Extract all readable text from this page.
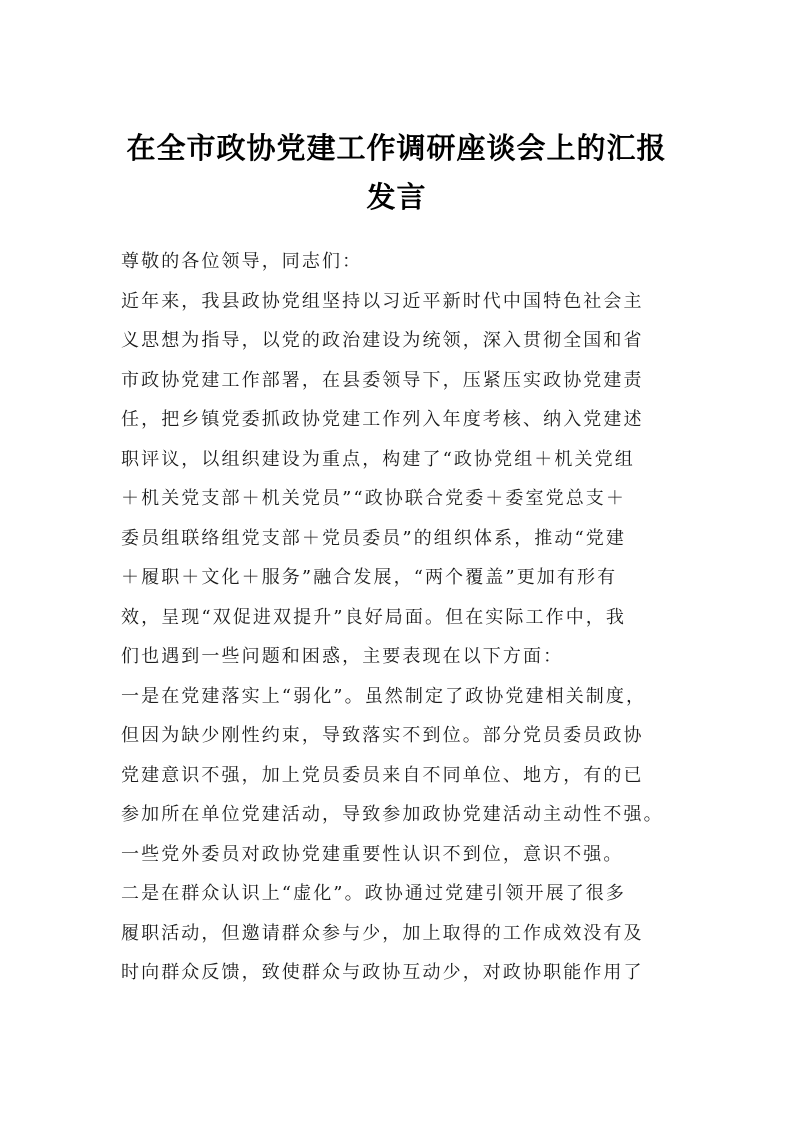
在全市政协党建工作调研座谈会上的汇报
发言
尊敬的各位领导，同志们：
近年来，我县政协党组坚持以习近平新时代中国特色社会主
义思想为指导，以党的政治建设为统领，深入贯彻全国和省
市政协党建工作部署，在县委领导下，压紧压实政协党建责
任，把乡镇党委抓政协党建工作列入年度考核、纳入党建述
职评议，以组织建设为重点，构建了“政协党组＋机关党组
＋机关党支部＋机关党员”“政协联合党委＋委室党总支＋
委员组联络组党支部＋党员委员”的组织体系，推动“党建
＋履职＋文化＋服务”融合发展，“两个覆盖”更加有形有
效，呈现“双促进双提升”良好局面。但在实际工作中，我
们也遇到一些问题和困惑，主要表现在以下方面：
一是在党建落实上“弱化”。虽然制定了政协党建相关制度，
但因为缺少刚性约束，导致落实不到位。部分党员委员政协
党建意识不强，加上党员委员来自不同单位、地方，有的已
参加所在单位党建活动，导致参加政协党建活动主动性不强。
一些党外委员对政协党建重要性认识不到位，意识不强。
二是在群众认识上“虚化”。政协通过党建引领开展了很多
履职活动，但邀请群众参与少，加上取得的工作成效没有及
时向群众反馈，致使群众与政协互动少，对政协职能作用了
